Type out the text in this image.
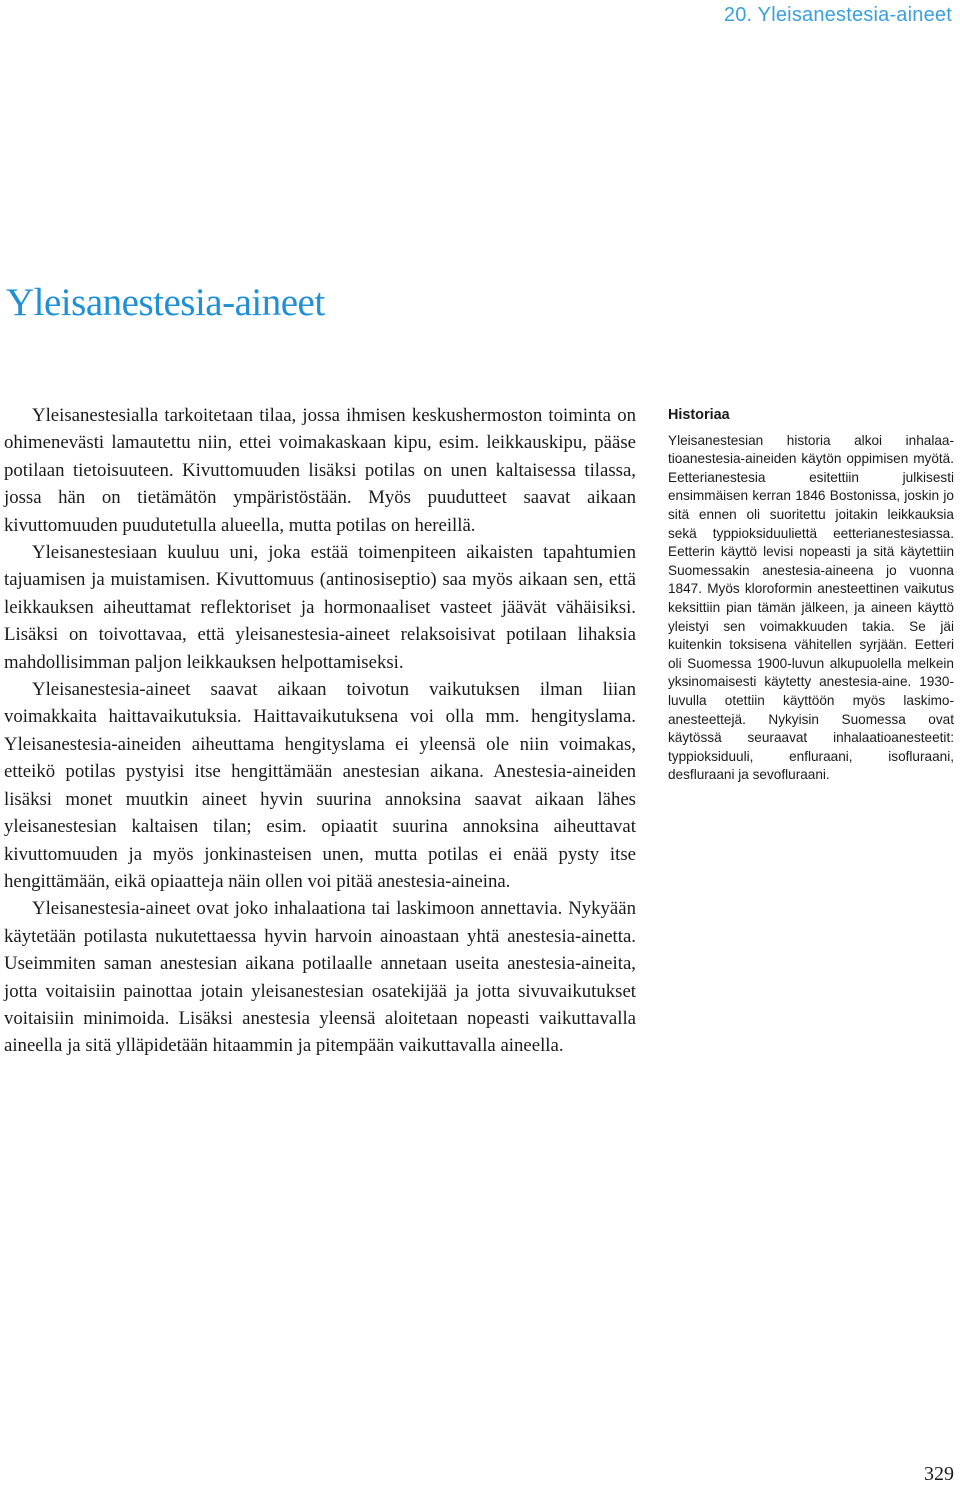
20. Yleisanestesia-aineet
Yleisanestesia-aineet

Yleisanestesialla tarkoitetaan tilaa, jossa ihmisen keskushermoston toiminta on ohimenevästi lamautettu niin, ettei voimakaskaan kipu, esim. leikkauskipu, pääse potilaan tietoisuuteen. Kivuttomuuden lisäksi potilas on unen kaltaisessa tilassa, jossa hän on tietämätön ympäristöstään. Myös puudutteet saavat aikaan kivuttomuuden puudutetulla alueella, mutta potilas on hereillä.

Yleisanestesiaan kuuluu uni, joka estää toimenpiteen aikaisten tapahtumien tajuamisen ja muistamisen. Kivuttomuus (antinosiseptio) saa myös aikaan sen, että leikkauksen aiheuttamat reflektoriset ja hormonaaliset vasteet jäävät vähäisiksi. Lisäksi on toivottavaa, että yleisanestesia-aineet relaksoisivat potilaan lihaksia mahdollisimman paljon leikkauksen helpottamiseksi.

Yleisanestesia-aineet saavat aikaan toivotun vaikutuksen ilman liian voimakkaita haittavaikutuksia. Haittavaikutuksena voi olla mm. hengityslama. Yleisanestesia-aineiden aiheuttama hengityslama ei yleensä ole niin voimakas, etteikö potilas pystyisi itse hengittämään anestesian aikana. Anestesia-aineiden lisäksi monet muutkin aineet hyvin suurina annoksina saavat aikaan lähes yleisanestesian kaltaisen tilan; esim. opiaatit suurina annoksina aiheuttavat kivuttomuuden ja myös jonkinasteisen unen, mutta potilas ei enää pysty itse hengittämään, eikä opiaatteja näin ollen voi pitää anestesia-aineina.

Yleisanestesia-aineet ovat joko inhalaationa tai laskimoon annettavia. Nykyään käytetään potilasta nukutettaessa hyvin harvoin ainoastaan yhtä anestesia-ainetta. Useimmiten saman anestesian aikana potilaalle annetaan useita anestesia-aineita, jotta voitaisiin painottaa jotain yleisanestesian osatekijää ja jotta sivuvaikutukset voitaisiin minimoida. Lisäksi anestesia yleensä aloitetaan nopeasti vaikuttavalla aineella ja sitä ylläpidetään hitaammin ja pitempään vaikuttavalla aineella.

Historiaa

Yleisanestesian historia alkoi inhalaatioanestesia-aineiden käytön oppimisen myötä. Eetterianestesia esitettiin julkisesti ensimmäisen kerran 1846 Bostonissa, joskin jo sitä ennen oli suoritettu joitakin leikkauksia sekä typpioksiduuliettä eetterianestesiassa. Eetterin käyttö levisi nopeasti ja sitä käytettiin Suomessakin anestesia-aineena jo vuonna 1847. Myös kloroformin anesteettinen vaikutus keksittiin pian tämän jälkeen, ja aineen käyttö yleistyi sen voimakkuuden takia. Se jäi kuitenkin toksisena vähitellen syrjään. Eetteri oli Suomessa 1900-luvun alkupuolella melkein yksinomaisesti käytetty anestesia-aine. 1930-luvulla otettiin käyttöön myös laskimoanesteettejä. Nykyisin Suomessa ovat käytössä seuraavat inhalaatioanesteetit: typpioksiduuli, enfluraani, isofluraani, desfluraani ja sevofluraani.

329
